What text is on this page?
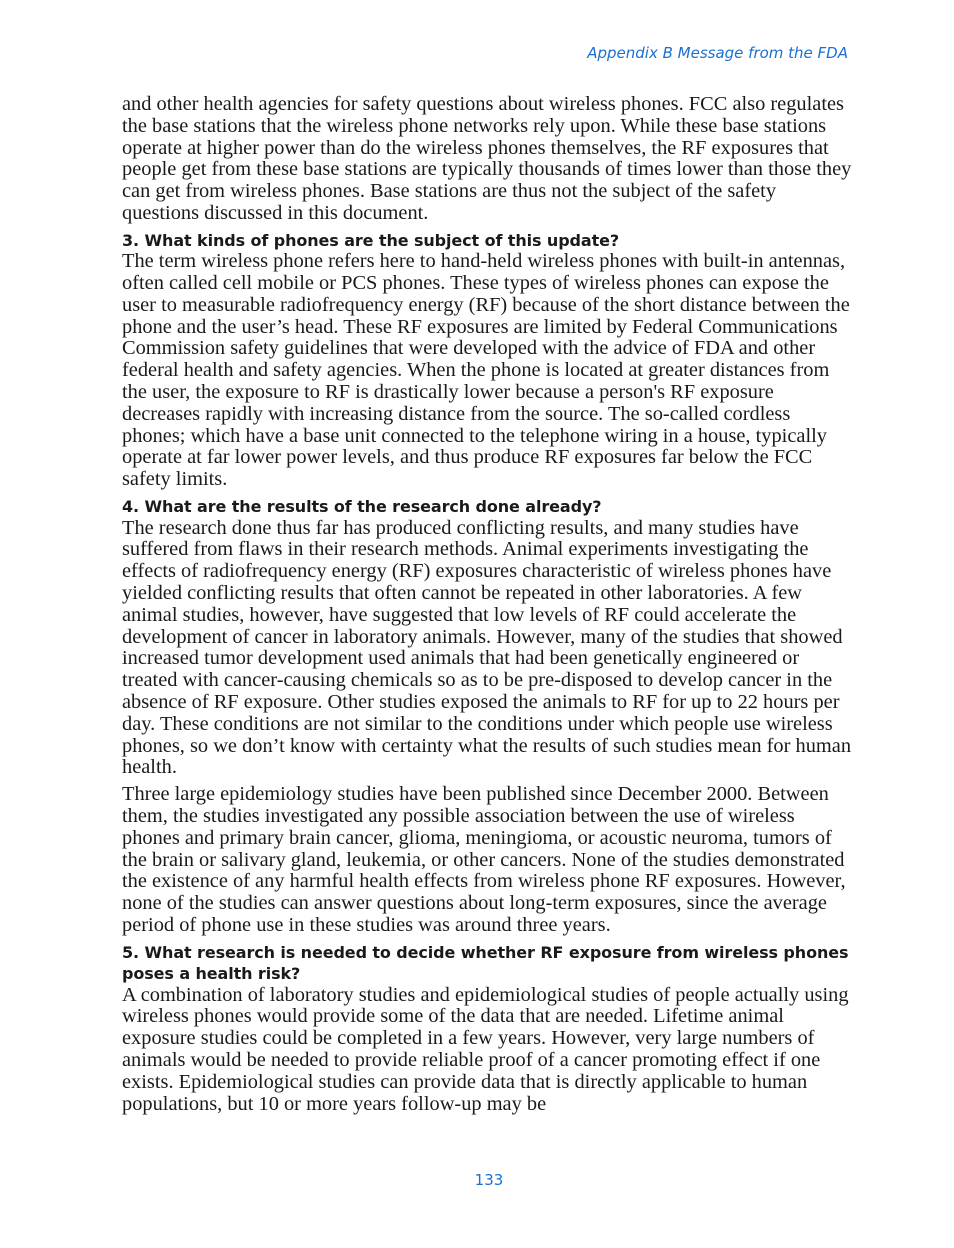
Appendix B Message from the FDA

and other health agencies for safety questions about wireless phones. FCC also regulates the base stations that the wireless phone networks rely upon. While these base stations operate at higher power than do the wireless phones themselves, the RF exposures that people get from these base stations are typically thousands of times lower than those they can get from wireless phones. Base stations are thus not the subject of the safety questions discussed in this document.

3. What kinds of phones are the subject of this update?

The term wireless phone refers here to hand-held wireless phones with built-in antennas, often called cell mobile or PCS phones. These types of wireless phones can expose the user to measurable radiofrequency energy (RF) because of the short distance between the phone and the user’s head. These RF exposures are limited by Federal Communications Commission safety guidelines that were developed with the advice of FDA and other federal health and safety agencies. When the phone is located at greater distances from the user, the exposure to RF is drastically lower because a person's RF exposure decreases rapidly with increasing distance from the source. The so-called cordless phones; which have a base unit connected to the telephone wiring in a house, typically operate at far lower power levels, and thus produce RF exposures far below the FCC safety limits.

4. What are the results of the research done already?

The research done thus far has produced conflicting results, and many studies have suffered from flaws in their research methods. Animal experiments investigating the effects of radiofrequency energy (RF) exposures characteristic of wireless phones have yielded conflicting results that often cannot be repeated in other laboratories. A few animal studies, however, have suggested that low levels of RF could accelerate the development of cancer in laboratory animals. However, many of the studies that showed increased tumor development used animals that had been genetically engineered or treated with cancer-causing chemicals so as to be pre-disposed to develop cancer in the absence of RF exposure. Other studies exposed the animals to RF for up to 22 hours per day. These conditions are not similar to the conditions under which people use wireless phones, so we don’t know with certainty what the results of such studies mean for human health.

Three large epidemiology studies have been published since December 2000. Between them, the studies investigated any possible association between the use of wireless phones and primary brain cancer, glioma, meningioma, or acoustic neuroma, tumors of the brain or salivary gland, leukemia, or other cancers. None of the studies demonstrated the existence of any harmful health effects from wireless phone RF exposures. However, none of the studies can answer questions about long-term exposures, since the average period of phone use in these studies was around three years.

5. What research is needed to decide whether RF exposure from wireless phones poses a health risk?

A combination of laboratory studies and epidemiological studies of people actually using wireless phones would provide some of the data that are needed. Lifetime animal exposure studies could be completed in a few years. However, very large numbers of animals would be needed to provide reliable proof of a cancer promoting effect if one exists. Epidemiological studies can provide data that is directly applicable to human populations, but 10 or more years follow-up may be

133
